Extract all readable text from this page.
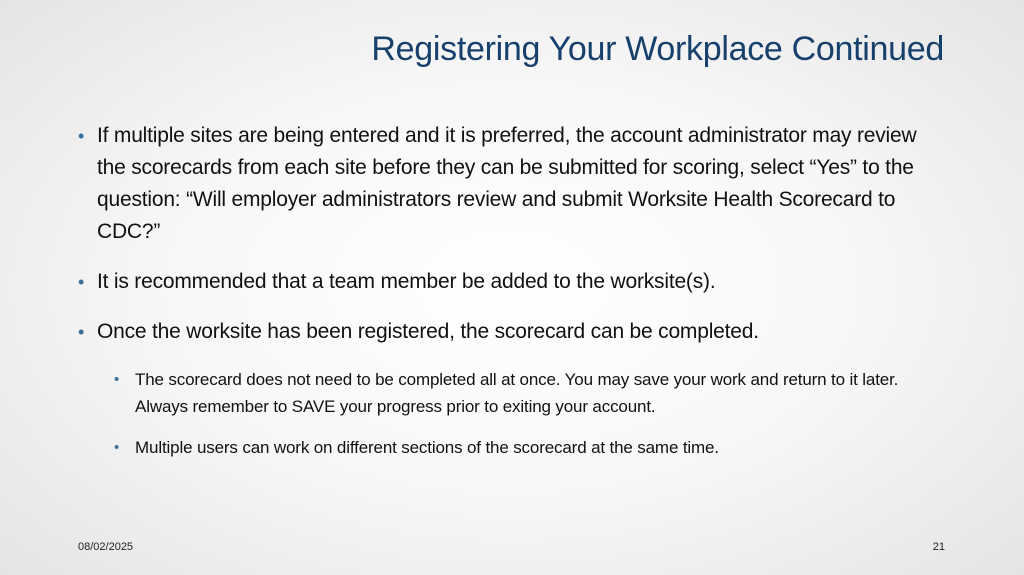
Registering Your Workplace Continued
• If multiple sites are being entered and it is preferred, the account administrator may review the scorecards from each site before they can be submitted for scoring, select “Yes” to the question: “Will employer administrators review and submit Worksite Health Scorecard to CDC?”
• It is recommended that a team member be added to the worksite(s).
• Once the worksite has been registered, the scorecard can be completed.
• The scorecard does not need to be completed all at once. You may save your work and return to it later. Always remember to SAVE your progress prior to exiting your account.
• Multiple users can work on different sections of the scorecard at the same time.
08/02/2025	21
